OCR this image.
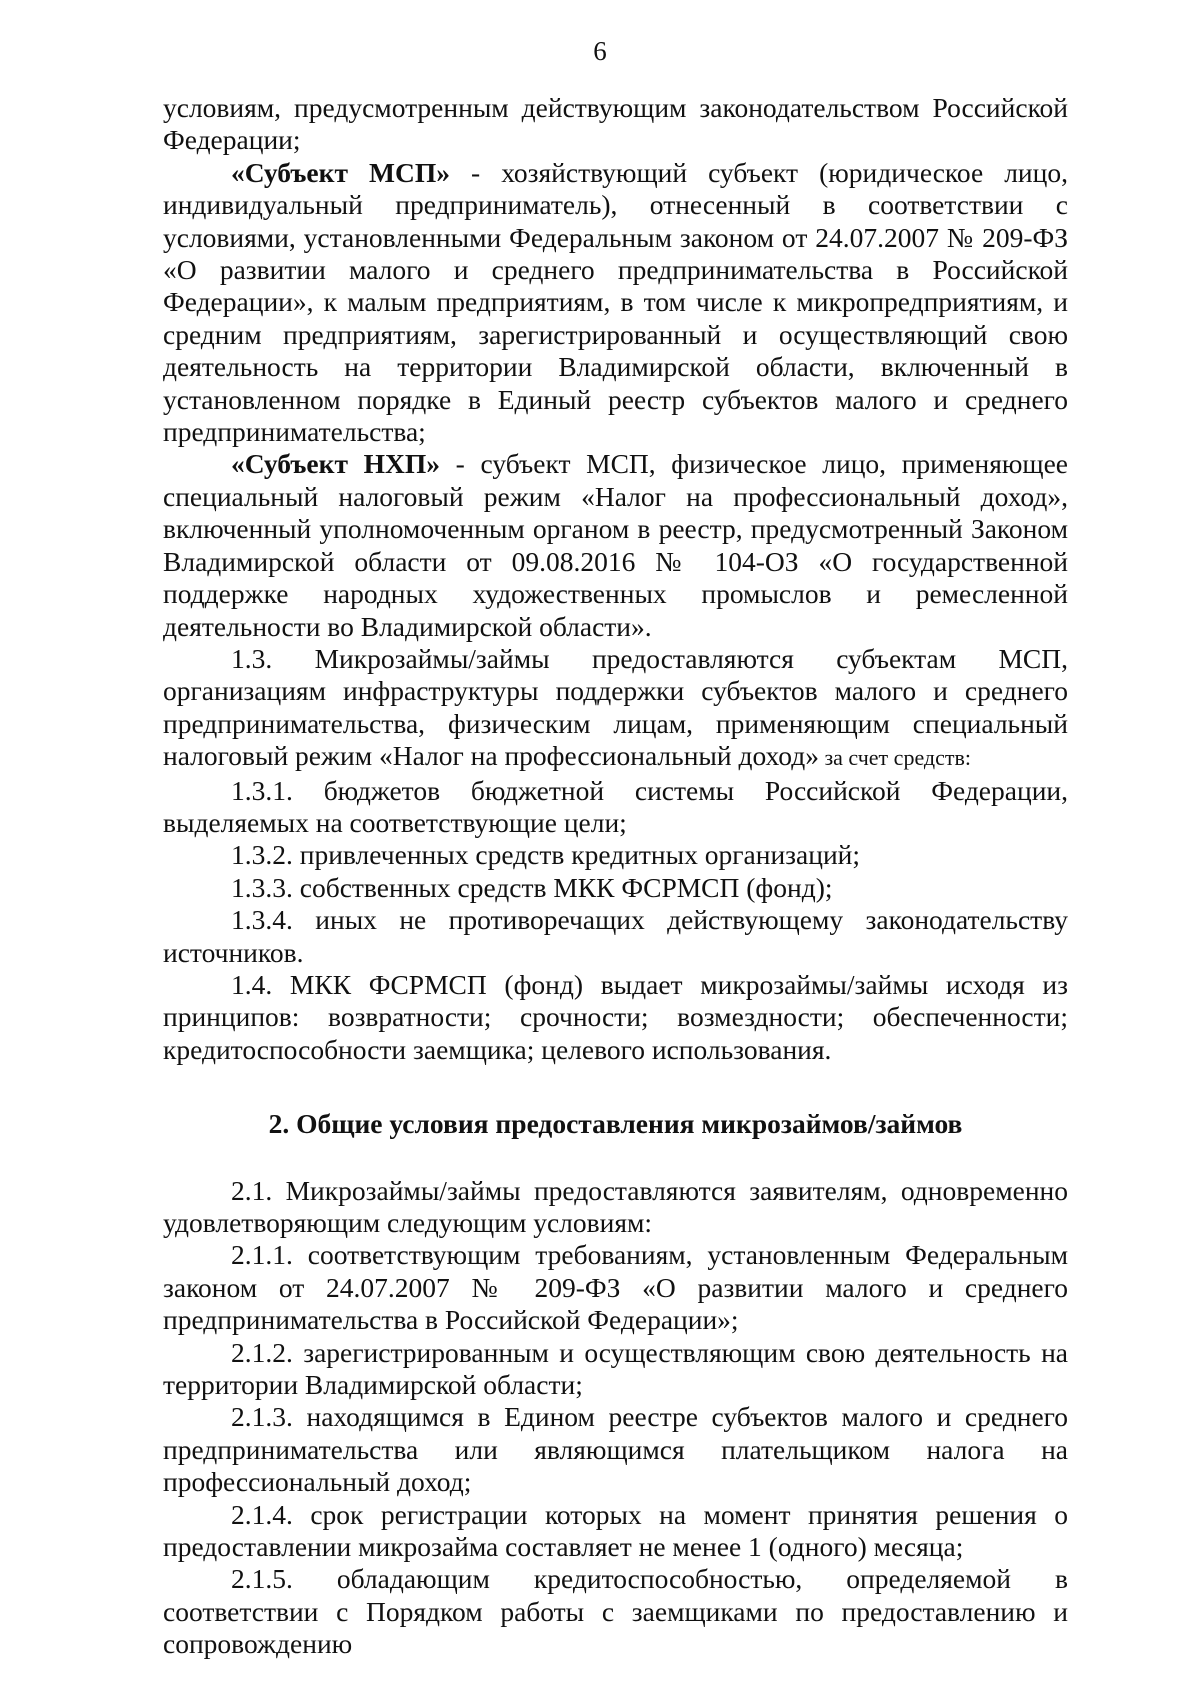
6

условиям, предусмотренным действующим законодательством Российской Федерации;

«Субъект МСП» - хозяйствующий субъект (юридическое лицо, индивидуальный предприниматель), отнесенный в соответствии с условиями, установленными Федеральным законом от 24.07.2007 № 209-ФЗ «О развитии малого и среднего предпринимательства в Российской Федерации», к малым предприятиям, в том числе к микропредприятиям, и средним предприятиям, зарегистрированный и осуществляющий свою деятельность на территории Владимирской области, включенный в установленном порядке в Единый реестр субъектов малого и среднего предпринимательства;

«Субъект НХП» - субъект МСП, физическое лицо, применяющее специальный налоговый режим «Налог на профессиональный доход», включенный уполномоченным органом в реестр, предусмотренный Законом Владимирской области от 09.08.2016 № 104-ОЗ «О государственной поддержке народных художественных промыслов и ремесленной деятельности во Владимирской области».

1.3. Микрозаймы/займы предоставляются субъектам МСП, организациям инфраструктуры поддержки субъектов малого и среднего предпринимательства, физическим лицам, применяющим специальный налоговый режим «Налог на профессиональный доход» за счет средств:

1.3.1. бюджетов бюджетной системы Российской Федерации, выделяемых на соответствующие цели;

1.3.2. привлеченных средств кредитных организаций;

1.3.3. собственных средств МКК ФСРМСП (фонд);

1.3.4. иных не противоречащих действующему законодательству источников.

1.4. МКК ФСРМСП (фонд) выдает микрозаймы/займы исходя из принципов: возвратности; срочности; возмездности; обеспеченности; кредитоспособности заемщика; целевого использования.

2. Общие условия предоставления микрозаймов/займов

2.1. Микрозаймы/займы предоставляются заявителям, одновременно удовлетворяющим следующим условиям:

2.1.1. соответствующим требованиям, установленным Федеральным законом от 24.07.2007 № 209-ФЗ «О развитии малого и среднего предпринимательства в Российской Федерации»;

2.1.2. зарегистрированным и осуществляющим свою деятельность на территории Владимирской области;

2.1.3. находящимся в Едином реестре субъектов малого и среднего предпринимательства или являющимся плательщиком налога на профессиональный доход;

2.1.4. срок регистрации которых на момент принятия решения о предоставлении микрозайма составляет не менее 1 (одного) месяца;

2.1.5. обладающим кредитоспособностью, определяемой в соответствии с Порядком работы с заемщиками по предоставлению и сопровождению
